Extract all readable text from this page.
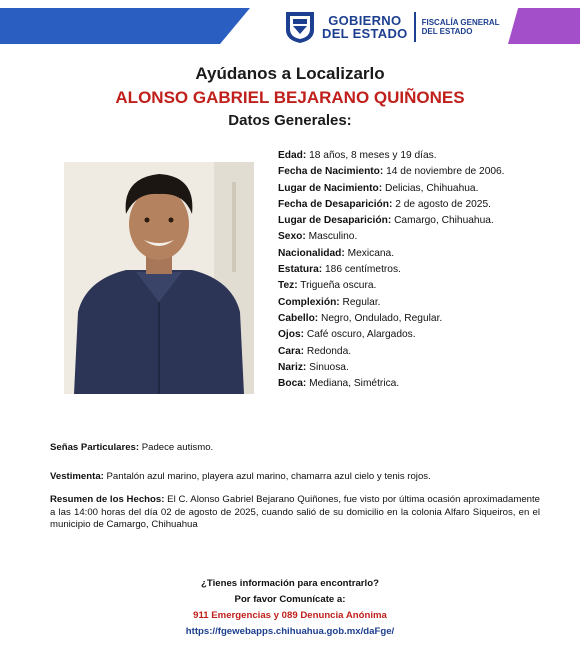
GOBIERNO
DEL ESTADO
FISCALÍA GENERAL
DEL ESTADO
Ayúdanos a Localizarlo
ALONSO GABRIEL BEJARANO QUIÑONES
Datos Generales:
Edad: 18 años, 8 meses y 19 días.
Fecha de Nacimiento: 14 de noviembre de 2006.
Lugar de Nacimiento: Delicias, Chihuahua.
Fecha de Desaparición: 2 de agosto de 2025.
Lugar de Desaparición: Camargo, Chihuahua.
Sexo: Masculino.
Nacionalidad: Mexicana.
Estatura: 186 centímetros.
Tez: Trigueña oscura.
Complexión: Regular.
Cabello: Negro, Ondulado, Regular.
Ojos: Café oscuro, Alargados.
Cara: Redonda.
Nariz: Sinuosa.
Boca: Mediana, Simétrica.

Señas Particulares: Padece autismo.

Vestimenta: Pantalón azul marino, playera azul marino, chamarra azul cielo y tenis rojos.

Resumen de los Hechos: El C. Alonso Gabriel Bejarano Quiñones, fue visto por última ocasión aproximadamente a las 14:00 horas del día 02 de agosto de 2025, cuando salió de su domicilio en la colonia Alfaro Siqueiros, en el municipio de Camargo, Chihuahua

¿Tienes información para encontrarlo?
Por favor Comunícate a:
911 Emergencias y 089 Denuncia Anónima
https://fgewebapps.chihuahua.gob.mx/daFge/
